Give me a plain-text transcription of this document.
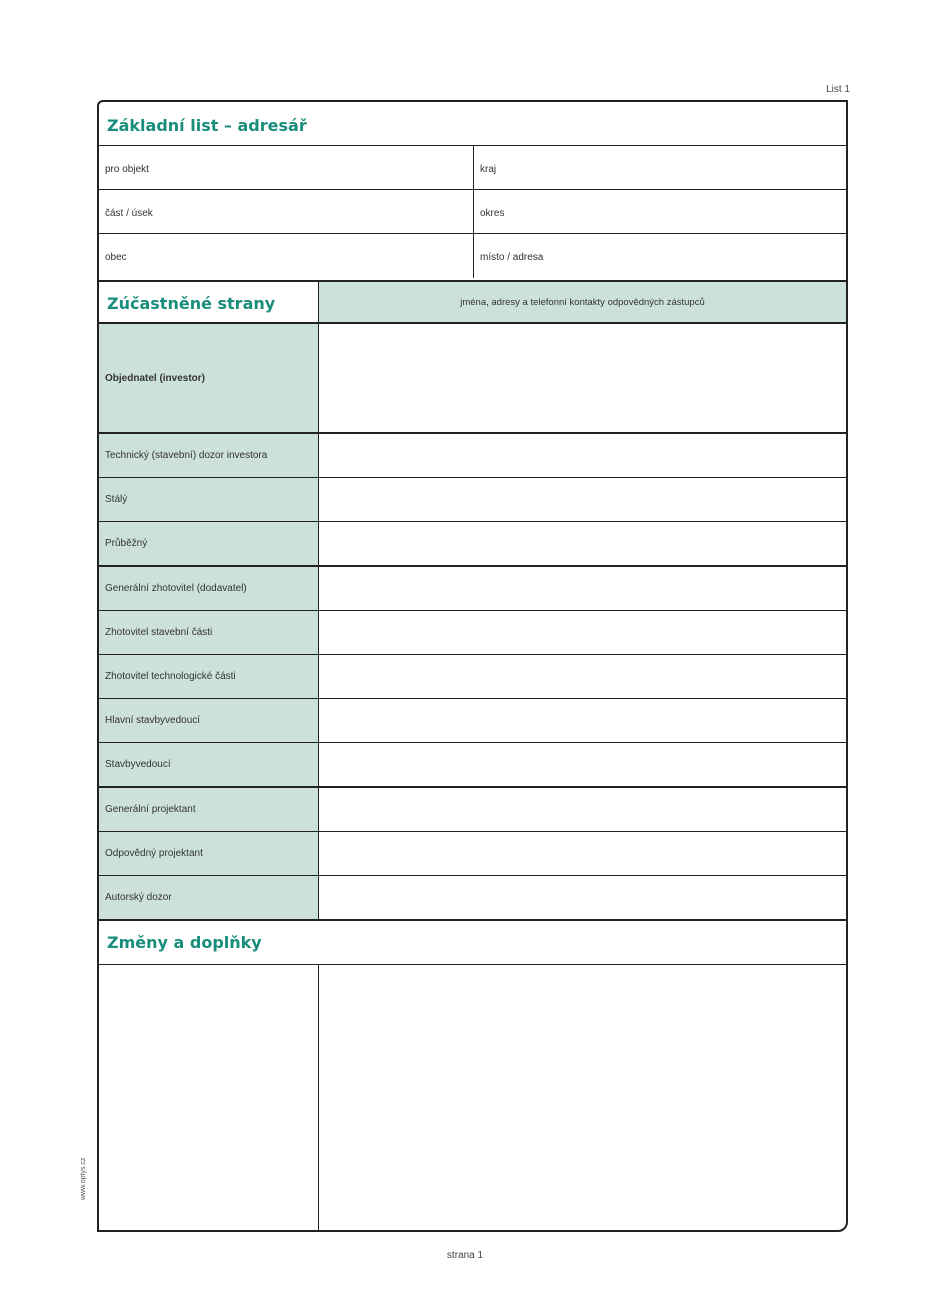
List 1
www.optys.cz
Základní list – adresář
pro objekt	kraj
část / úsek	okres
obec	místo / adresa
Zúčastněné strany	jména, adresy a telefonní kontakty odpovědných zástupců
Objednatel (investor)
Technický (stavební) dozor investora
Stálý
Průběžný
Generální zhotovitel (dodavatel)
Zhotovitel stavební části
Zhotovitel technologické části
Hlavní stavbyvedoucí
Stavbyvedoucí
Generální projektant
Odpovědný projektant
Autorský dozor
Změny a doplňky
strana 1
